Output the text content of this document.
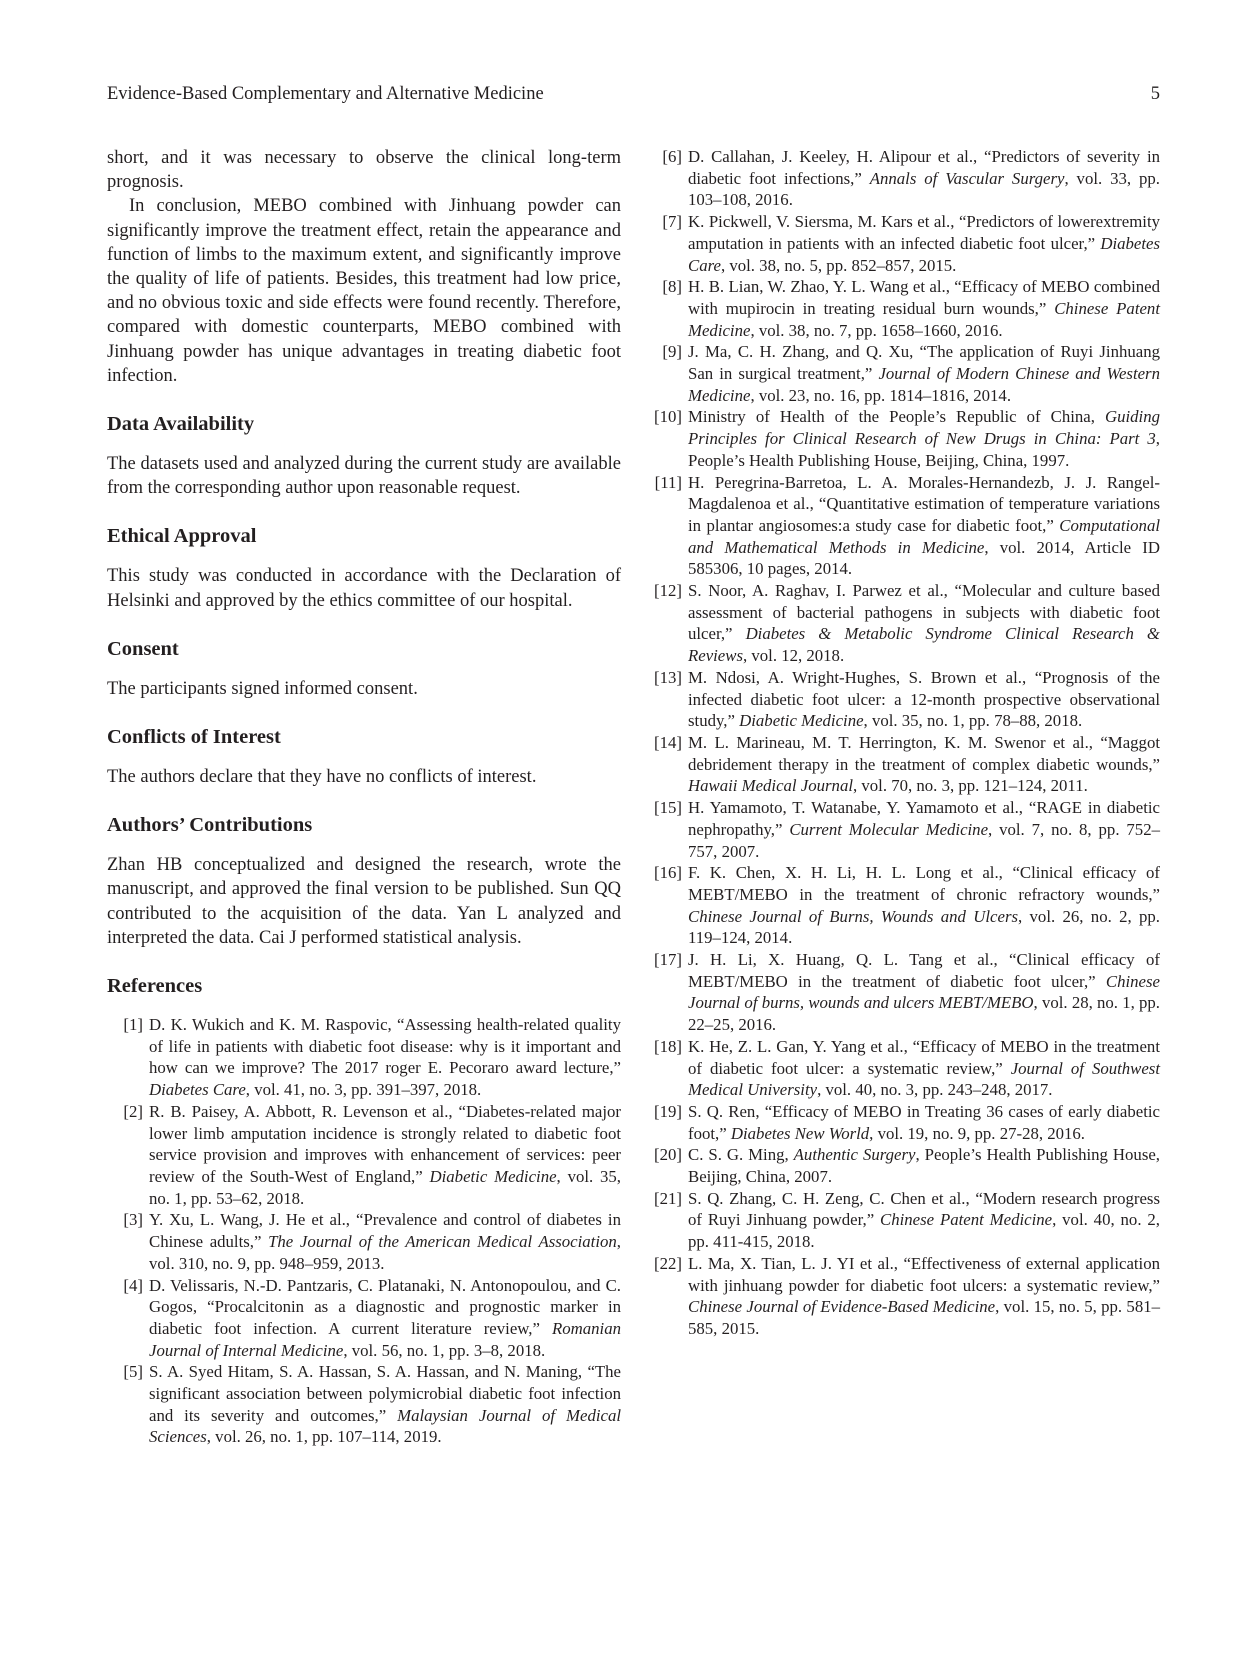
Evidence-Based Complementary and Alternative Medicine	5

short, and it was necessary to observe the clinical long-term prognosis.

In conclusion, MEBO combined with Jinhuang powder can significantly improve the treatment effect, retain the appearance and function of limbs to the maximum extent, and significantly improve the quality of life of patients. Besides, this treatment had low price, and no obvious toxic and side effects were found recently. Therefore, compared with domestic counterparts, MEBO combined with Jinhuang powder has unique advantages in treating diabetic foot infection.

Data Availability

The datasets used and analyzed during the current study are available from the corresponding author upon reasonable request.

Ethical Approval

This study was conducted in accordance with the Declaration of Helsinki and approved by the ethics committee of our hospital.

Consent

The participants signed informed consent.

Conflicts of Interest

The authors declare that they have no conflicts of interest.

Authors’ Contributions

Zhan HB conceptualized and designed the research, wrote the manuscript, and approved the final version to be published. Sun QQ contributed to the acquisition of the data. Yan L analyzed and interpreted the data. Cai J performed statistical analysis.

References
[1] D. K. Wukich and K. M. Raspovic, “Assessing health-related quality of life in patients with diabetic foot disease: why is it important and how can we improve? The 2017 roger E. Pecoraro award lecture,” Diabetes Care, vol. 41, no. 3, pp. 391–397, 2018.
[2] R. B. Paisey, A. Abbott, R. Levenson et al., “Diabetes-related major lower limb amputation incidence is strongly related to diabetic foot service provision and improves with enhancement of services: peer review of the South-West of England,” Diabetic Medicine, vol. 35, no. 1, pp. 53–62, 2018.
[3] Y. Xu, L. Wang, J. He et al., “Prevalence and control of diabetes in Chinese adults,” The Journal of the American Medical Association, vol. 310, no. 9, pp. 948–959, 2013.
[4] D. Velissaris, N.-D. Pantzaris, C. Platanaki, N. Antonopoulou, and C. Gogos, “Procalcitonin as a diagnostic and prognostic marker in diabetic foot infection. A current literature review,” Romanian Journal of Internal Medicine, vol. 56, no. 1, pp. 3–8, 2018.
[5] S. A. Syed Hitam, S. A. Hassan, S. A. Hassan, and N. Maning, “The significant association between polymicrobial diabetic foot infection and its severity and outcomes,” Malaysian Journal of Medical Sciences, vol. 26, no. 1, pp. 107–114, 2019.
[6] D. Callahan, J. Keeley, H. Alipour et al., “Predictors of severity in diabetic foot infections,” Annals of Vascular Surgery, vol. 33, pp. 103–108, 2016.
[7] K. Pickwell, V. Siersma, M. Kars et al., “Predictors of lowerextremity amputation in patients with an infected diabetic foot ulcer,” Diabetes Care, vol. 38, no. 5, pp. 852–857, 2015.
[8] H. B. Lian, W. Zhao, Y. L. Wang et al., “Efficacy of MEBO combined with mupirocin in treating residual burn wounds,” Chinese Patent Medicine, vol. 38, no. 7, pp. 1658–1660, 2016.
[9] J. Ma, C. H. Zhang, and Q. Xu, “The application of Ruyi Jinhuang San in surgical treatment,” Journal of Modern Chinese and Western Medicine, vol. 23, no. 16, pp. 1814–1816, 2014.
[10] Ministry of Health of the People’s Republic of China, Guiding Principles for Clinical Research of New Drugs in China: Part 3, People’s Health Publishing House, Beijing, China, 1997.
[11] H. Peregrina-Barretoa, L. A. Morales-Hernandezb, J. J. Rangel-Magdalenoa et al., “Quantitative estimation of temperature variations in plantar angiosomes:a study case for diabetic foot,” Computational and Mathematical Methods in Medicine, vol. 2014, Article ID 585306, 10 pages, 2014.
[12] S. Noor, A. Raghav, I. Parwez et al., “Molecular and culture based assessment of bacterial pathogens in subjects with diabetic foot ulcer,” Diabetes & Metabolic Syndrome Clinical Research & Reviews, vol. 12, 2018.
[13] M. Ndosi, A. Wright-Hughes, S. Brown et al., “Prognosis of the infected diabetic foot ulcer: a 12-month prospective observational study,” Diabetic Medicine, vol. 35, no. 1, pp. 78–88, 2018.
[14] M. L. Marineau, M. T. Herrington, K. M. Swenor et al., “Maggot debridement therapy in the treatment of complex diabetic wounds,” Hawaii Medical Journal, vol. 70, no. 3, pp. 121–124, 2011.
[15] H. Yamamoto, T. Watanabe, Y. Yamamoto et al., “RAGE in diabetic nephropathy,” Current Molecular Medicine, vol. 7, no. 8, pp. 752–757, 2007.
[16] F. K. Chen, X. H. Li, H. L. Long et al., “Clinical efficacy of MEBT/MEBO in the treatment of chronic refractory wounds,” Chinese Journal of Burns, Wounds and Ulcers, vol. 26, no. 2, pp. 119–124, 2014.
[17] J. H. Li, X. Huang, Q. L. Tang et al., “Clinical efficacy of MEBT/MEBO in the treatment of diabetic foot ulcer,” Chinese Journal of burns, wounds and ulcers MEBT/MEBO, vol. 28, no. 1, pp. 22–25, 2016.
[18] K. He, Z. L. Gan, Y. Yang et al., “Efficacy of MEBO in the treatment of diabetic foot ulcer: a systematic review,” Journal of Southwest Medical University, vol. 40, no. 3, pp. 243–248, 2017.
[19] S. Q. Ren, “Efficacy of MEBO in Treating 36 cases of early diabetic foot,” Diabetes New World, vol. 19, no. 9, pp. 27-28, 2016.
[20] C. S. G. Ming, Authentic Surgery, People’s Health Publishing House, Beijing, China, 2007.
[21] S. Q. Zhang, C. H. Zeng, C. Chen et al., “Modern research progress of Ruyi Jinhuang powder,” Chinese Patent Medicine, vol. 40, no. 2, pp. 411-415, 2018.
[22] L. Ma, X. Tian, L. J. YI et al., “Effectiveness of external application with jinhuang powder for diabetic foot ulcers: a systematic review,” Chinese Journal of Evidence-Based Medicine, vol. 15, no. 5, pp. 581–585, 2015.
